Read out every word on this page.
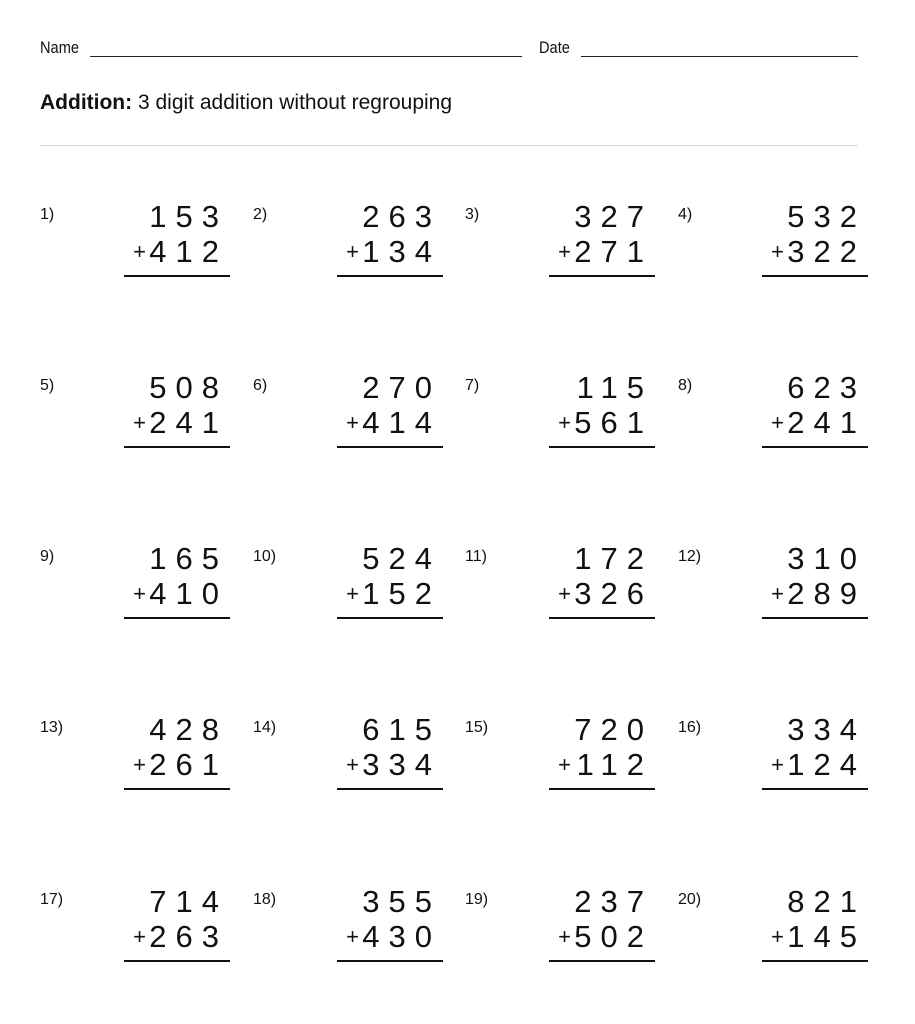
Name	Date
Addition: 3 digit addition without regrouping
1)	153
+ 412
2)	263
+ 134
3)	327
+ 271
4)	532
+ 322
5)	508
+ 241
6)	270
+ 414
7)	115
+ 561
8)	623
+ 241
9)	165
+ 410
10)	524
+ 152
11)	172
+ 326
12)	310
+ 289
13)	428
+ 261
14)	615
+ 334
15)	720
+ 112
16)	334
+ 124
17)	714
+ 263
18)	355
+ 430
19)	237
+ 502
20)	821
+ 145
